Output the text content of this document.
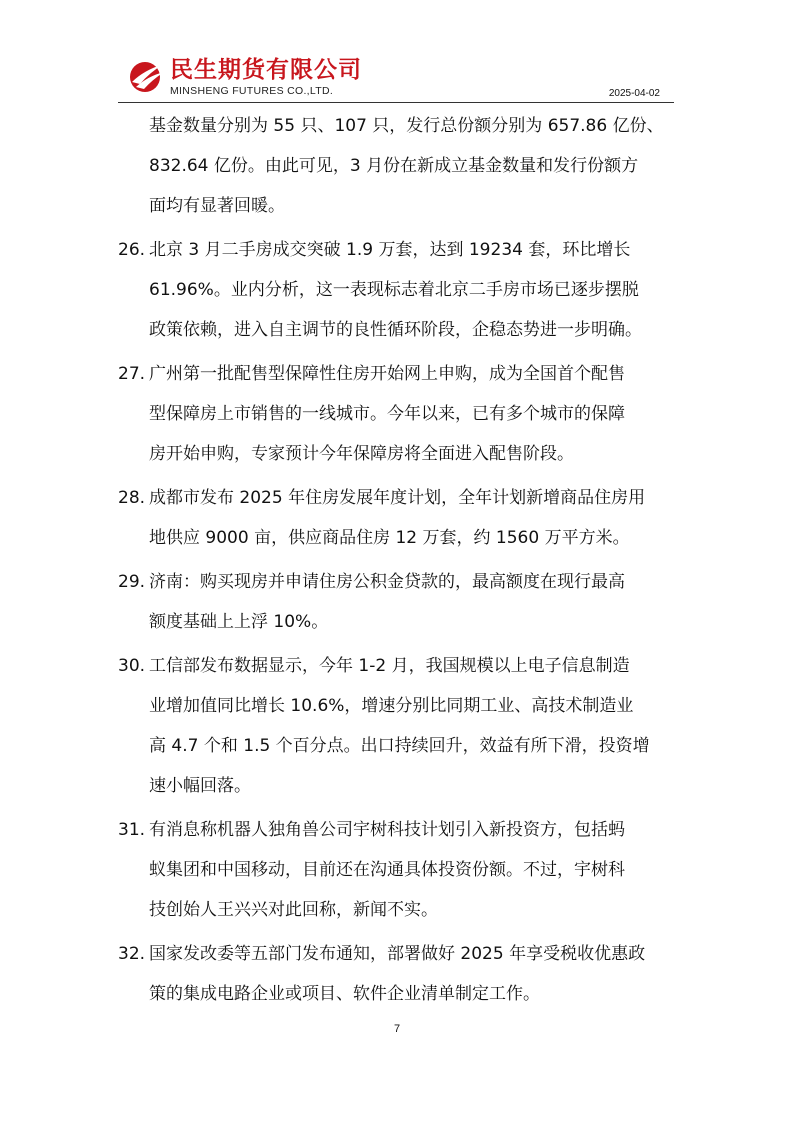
民生期货有限公司
MINSHENG FUTURES CO.,LTD.	2025-04-02
基金数量分别为 55 只、107 只，发行总份额分别为 657.86 亿份、
832.64 亿份。由此可见，3 月份在新成立基金数量和发行份额方
面均有显著回暖。
26. 北京 3 月二手房成交突破 1.9 万套，达到 19234 套，环比增长
61.96%。业内分析，这一表现标志着北京二手房市场已逐步摆脱
政策依赖，进入自主调节的良性循环阶段，企稳态势进一步明确。
27. 广州第一批配售型保障性住房开始网上申购，成为全国首个配售
型保障房上市销售的一线城市。今年以来，已有多个城市的保障
房开始申购，专家预计今年保障房将全面进入配售阶段。
28. 成都市发布 2025 年住房发展年度计划，全年计划新增商品住房用
地供应 9000 亩，供应商品住房 12 万套，约 1560 万平方米。
29. 济南：购买现房并申请住房公积金贷款的，最高额度在现行最高
额度基础上上浮 10%。
30. 工信部发布数据显示，今年 1-2 月，我国规模以上电子信息制造
业增加值同比增长 10.6%，增速分别比同期工业、高技术制造业
高 4.7 个和 1.5 个百分点。出口持续回升，效益有所下滑，投资增
速小幅回落。
31. 有消息称机器人独角兽公司宇树科技计划引入新投资方，包括蚂
蚁集团和中国移动，目前还在沟通具体投资份额。不过，宇树科
技创始人王兴兴对此回称，新闻不实。
32. 国家发改委等五部门发布通知，部署做好 2025 年享受税收优惠政
策的集成电路企业或项目、软件企业清单制定工作。
7
